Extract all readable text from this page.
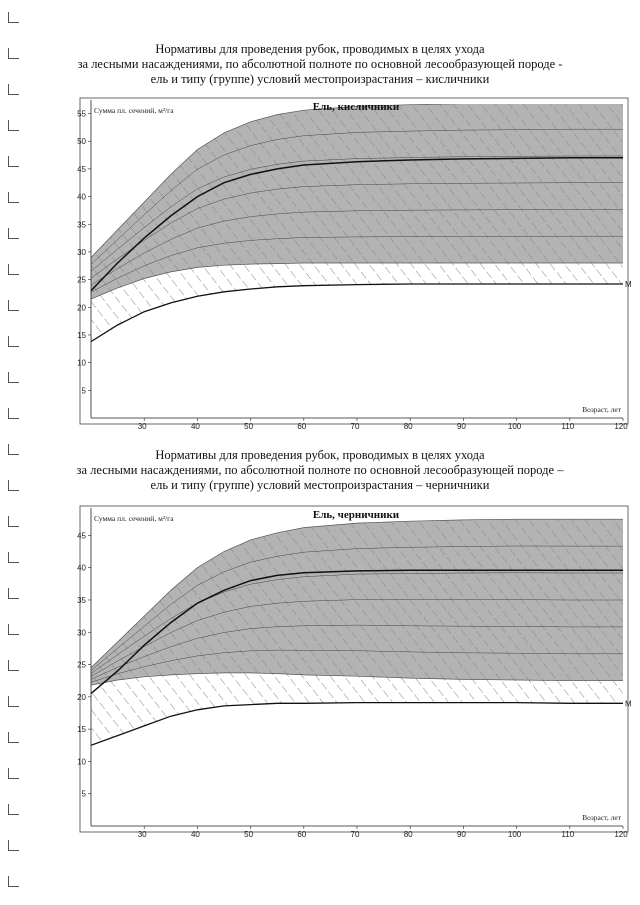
Нормативы для проведения рубок, проводимых в целях ухода
за лесными насаждениями, по абсолютной полноте по основной лесообразующей породе -
ель и типу (группе) условий местопроизрастания – кисличники
30	40	50	60	70	80	90	100	110	120
5
10
15
20
25
30
35
40
45
50
55
Ель, кисличники
Сумма пл. сечений, м²/га
Возраст, лет
М
Нормативы для проведения рубок, проводимых в целях ухода
за лесными насаждениями, по абсолютной полноте по основной лесообразующей породе –
ель и типу (группе) условий местопроизрастания – черничники
30	40	50	60	70	80	90	100	110	120
5
10
15
20
25
30
35
40
45
Ель, черничники
Сумма пл. сечений, м²/га
Возраст, лет
М
